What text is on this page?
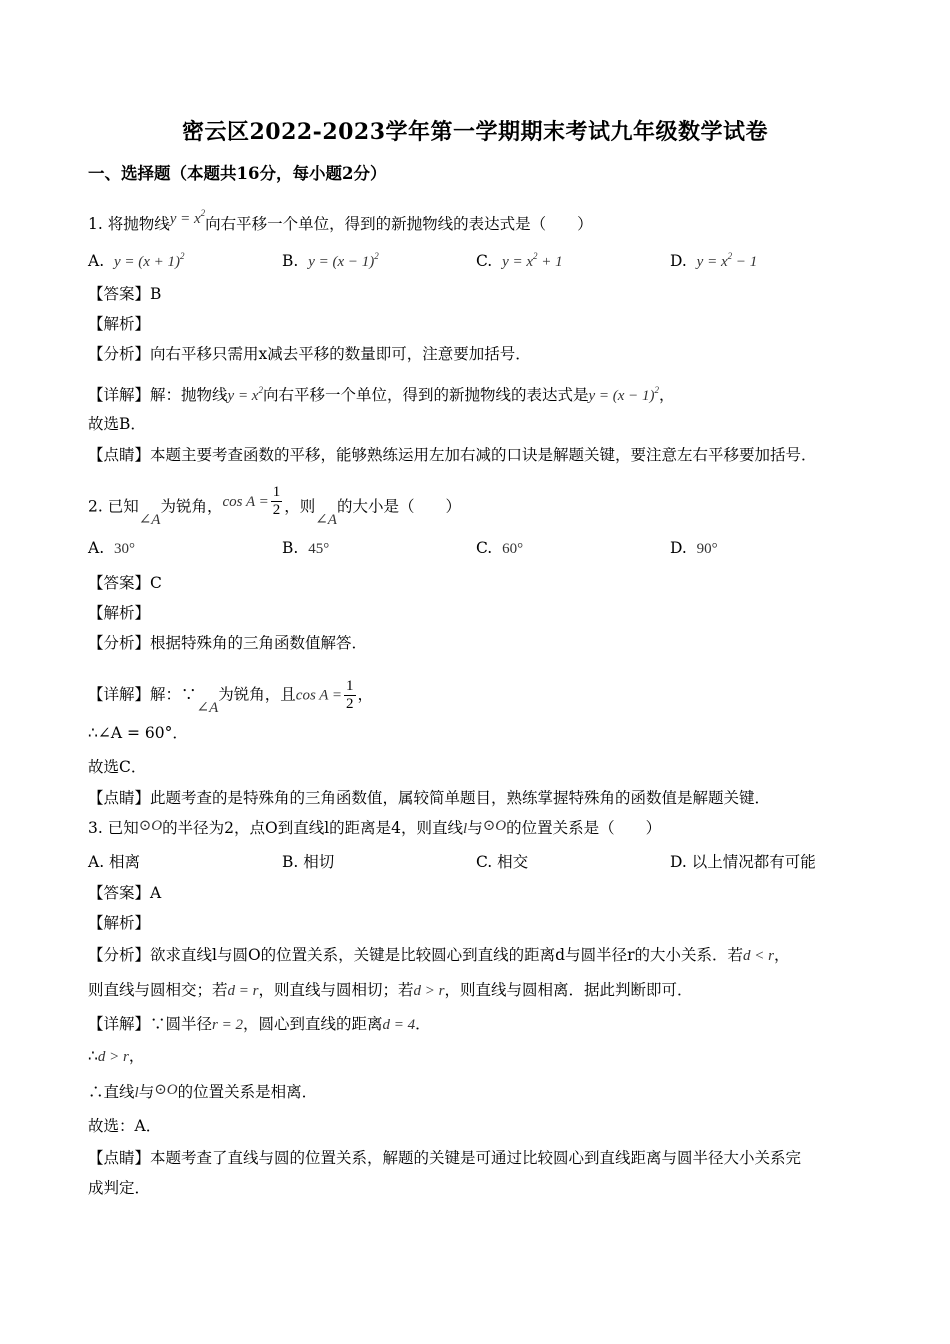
密云区2022-2023学年第一学期期末考试九年级数学试卷
一、选择题（本题共16分，每小题2分）
1. 将抛物线$y = x^2$向右平移一个单位，得到的新抛物线的表达式是（　　）
A. $y = (x + 1)^2$	B. $y = (x - 1)^2$	C. $y = x^2 + 1$	D. $y = x^2 - 1$
【答案】B
【解析】
【分析】向右平移只需用x减去平移的数量即可，注意要加括号．
【详解】解：抛物线$y = x^2$向右平移一个单位，得到的新抛物线的表达式是$y = (x - 1)^2$，
故选B．
【点睛】本题主要考查函数的平移，能够熟练运用左加右减的口诀是解题关键，要注意左右平移要加括号．
2. 已知∠A为锐角，$\cos A = \frac{1}{2}$ ，则∠A的大小是（　　）
A. 30°	B. 45°	C. 60°	D. 90°
【答案】C
【解析】
【分析】根据特殊角的三角函数值解答．
【详解】解：∵∠A为锐角，且$\cos A = \frac{1}{2}$ ，
∴∠A = 60°．
故选C．
【点睛】此题考查的是特殊角的三角函数值，属较简单题目，熟练掌握特殊角的函数值是解题关键．
3. 已知⊙O的半径为2，点O到直线l的距离是4，则直线l与⊙O的位置关系是（　　）
A. 相离	B. 相切	C. 相交	D. 以上情况都有可能
【答案】A
【解析】
【分析】欲求直线l与圆O的位置关系，关键是比较圆心到直线的距离d与圆半径r的大小关系．若d < r，
则直线与圆相交；若d = r，则直线与圆相切；若d > r，则直线与圆相离．据此判断即可．
【详解】∵圆半径r = 2，圆心到直线的距离d = 4．
∴d > r，
∴直线l与⊙O的位置关系是相离．
故选：A．
【点睛】本题考查了直线与圆的位置关系，解题的关键是可通过比较圆心到直线距离与圆半径大小关系完
成判定．
